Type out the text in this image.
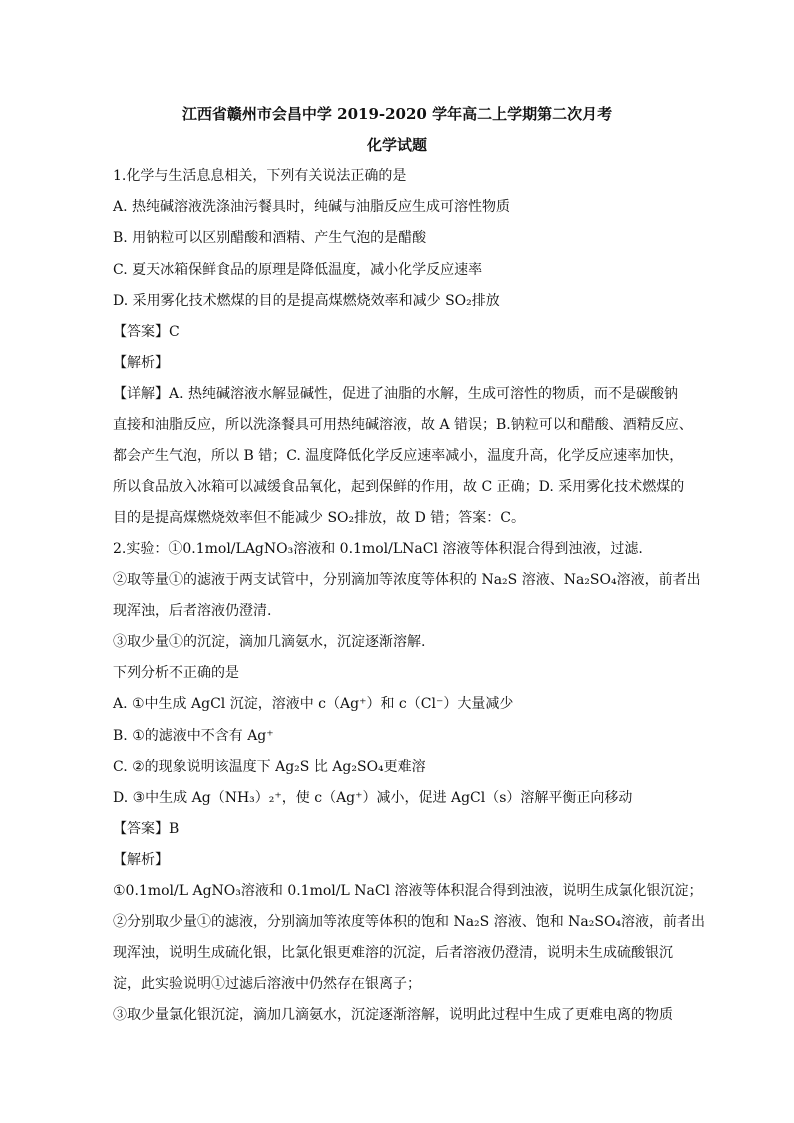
江西省赣州市会昌中学 2019-2020 学年高二上学期第二次月考
化学试题
1.化学与生活息息相关，下列有关说法正确的是
A. 热纯碱溶液洗涤油污餐具时，纯碱与油脂反应生成可溶性物质
B. 用钠粒可以区别醋酸和酒精、产生气泡的是醋酸
C. 夏天冰箱保鲜食品的原理是降低温度，减小化学反应速率
D. 采用雾化技术燃煤的目的是提高煤燃烧效率和减少 SO₂排放
【答案】C
【解析】
【详解】A. 热纯碱溶液水解显碱性，促进了油脂的水解，生成可溶性的物质，而不是碳酸钠
直接和油脂反应，所以洗涤餐具可用热纯碱溶液，故 A 错误；B.钠粒可以和醋酸、酒精反应、
都会产生气泡，所以 B 错；C. 温度降低化学反应速率减小，温度升高，化学反应速率加快，
所以食品放入冰箱可以减缓食品氧化，起到保鲜的作用，故 C 正确；D. 采用雾化技术燃煤的
目的是提高煤燃烧效率但不能减少 SO₂排放，故 D 错；答案：C。
2.实验：①0.1mol/LAgNO₃溶液和 0.1mol/LNaCl 溶液等体积混合得到浊液，过滤.
②取等量①的滤液于两支试管中，分别滴加等浓度等体积的 Na₂S 溶液、Na₂SO₄溶液，前者出
现浑浊，后者溶液仍澄清.
③取少量①的沉淀，滴加几滴氨水，沉淀逐渐溶解.
下列分析不正确的是
A. ①中生成 AgCl 沉淀，溶液中 c（Ag⁺）和 c（Cl⁻）大量减少
B. ①的滤液中不含有 Ag⁺
C. ②的现象说明该温度下 Ag₂S 比 Ag₂SO₄更难溶
D. ③中生成 Ag（NH₃）₂⁺，使 c（Ag⁺）减小，促进 AgCl（s）溶解平衡正向移动
【答案】B
【解析】
①0.1mol/L AgNO₃溶液和 0.1mol/L NaCl 溶液等体积混合得到浊液，说明生成氯化银沉淀；
②分别取少量①的滤液，分别滴加等浓度等体积的饱和 Na₂S 溶液、饱和 Na₂SO₄溶液，前者出
现浑浊，说明生成硫化银，比氯化银更难溶的沉淀，后者溶液仍澄清，说明未生成硫酸银沉
淀，此实验说明①过滤后溶液中仍然存在银离子；
③取少量氯化银沉淀，滴加几滴氨水，沉淀逐渐溶解，说明此过程中生成了更难电离的物质
